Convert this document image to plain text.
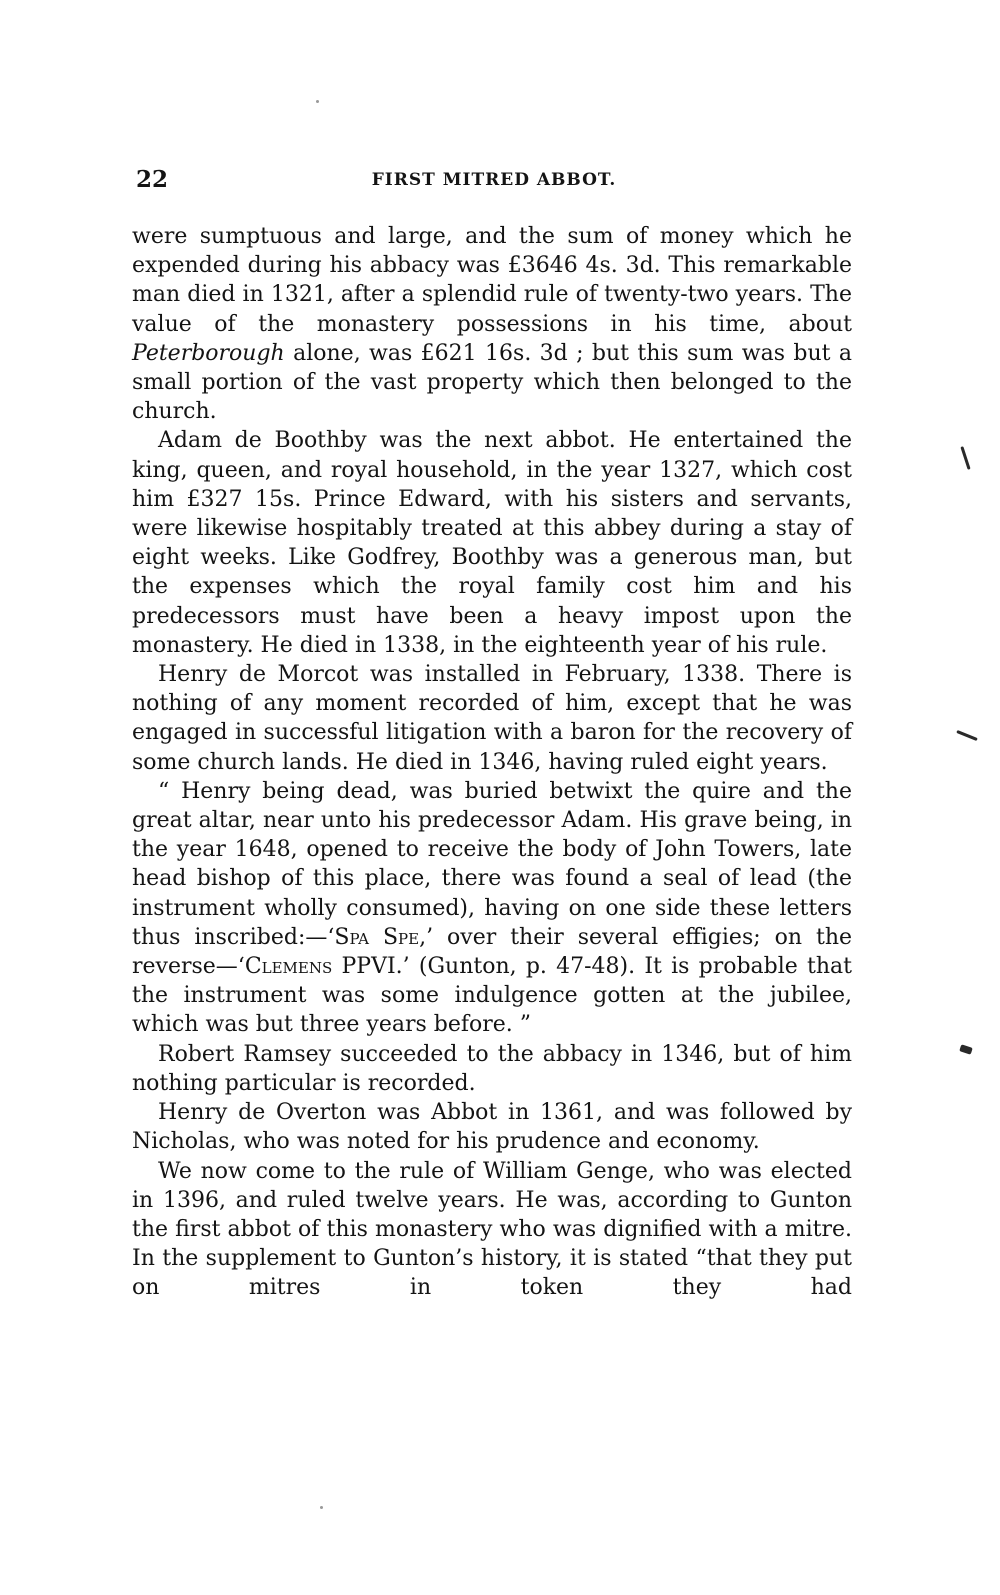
22	FIRST MITRED ABBOT.

were sumptuous and large, and the sum of money which he expended during his abbacy was £3646 4s. 3d. This remarkable man died in 1321, after a splendid rule of twenty-two years. The value of the monastery possessions in his time, about Peterborough alone, was £621 16s. 3d ; but this sum was but a small portion of the vast property which then belonged to the church.

Adam de Boothby was the next abbot. He entertained the king, queen, and royal household, in the year 1327, which cost him £327 15s. Prince Edward, with his sisters and servants, were likewise hospitably treated at this abbey during a stay of eight weeks. Like Godfrey, Boothby was a generous man, but the expenses which the royal family cost him and his predecessors must have been a heavy impost upon the monastery. He died in 1338, in the eighteenth year of his rule.

Henry de Morcot was installed in February, 1338. There is nothing of any moment recorded of him, except that he was engaged in successful litigation with a baron for the recovery of some church lands. He died in 1346, having ruled eight years.

“ Henry being dead, was buried betwixt the quire and the great altar, near unto his predecessor Adam. His grave being, in the year 1648, opened to receive the body of John Towers, late head bishop of this place, there was found a seal of lead (the instrument wholly consumed), having on one side these letters thus inscribed:—‘Spa Spe,’ over their several effigies; on the reverse—‘Clemens PPVI.’ (Gunton, p. 47-48). It is probable that the instrument was some indulgence gotten at the jubilee, which was but three years before. ”

Robert Ramsey succeeded to the abbacy in 1346, but of him nothing particular is recorded.

Henry de Overton was Abbot in 1361, and was followed by Nicholas, who was noted for his prudence and economy.

We now come to the rule of William Genge, who was elected in 1396, and ruled twelve years. He was, according to Gunton the first abbot of this monastery who was dignified with a mitre. In the supplement to Gunton’s history, it is stated “that they put on mitres in token they had
